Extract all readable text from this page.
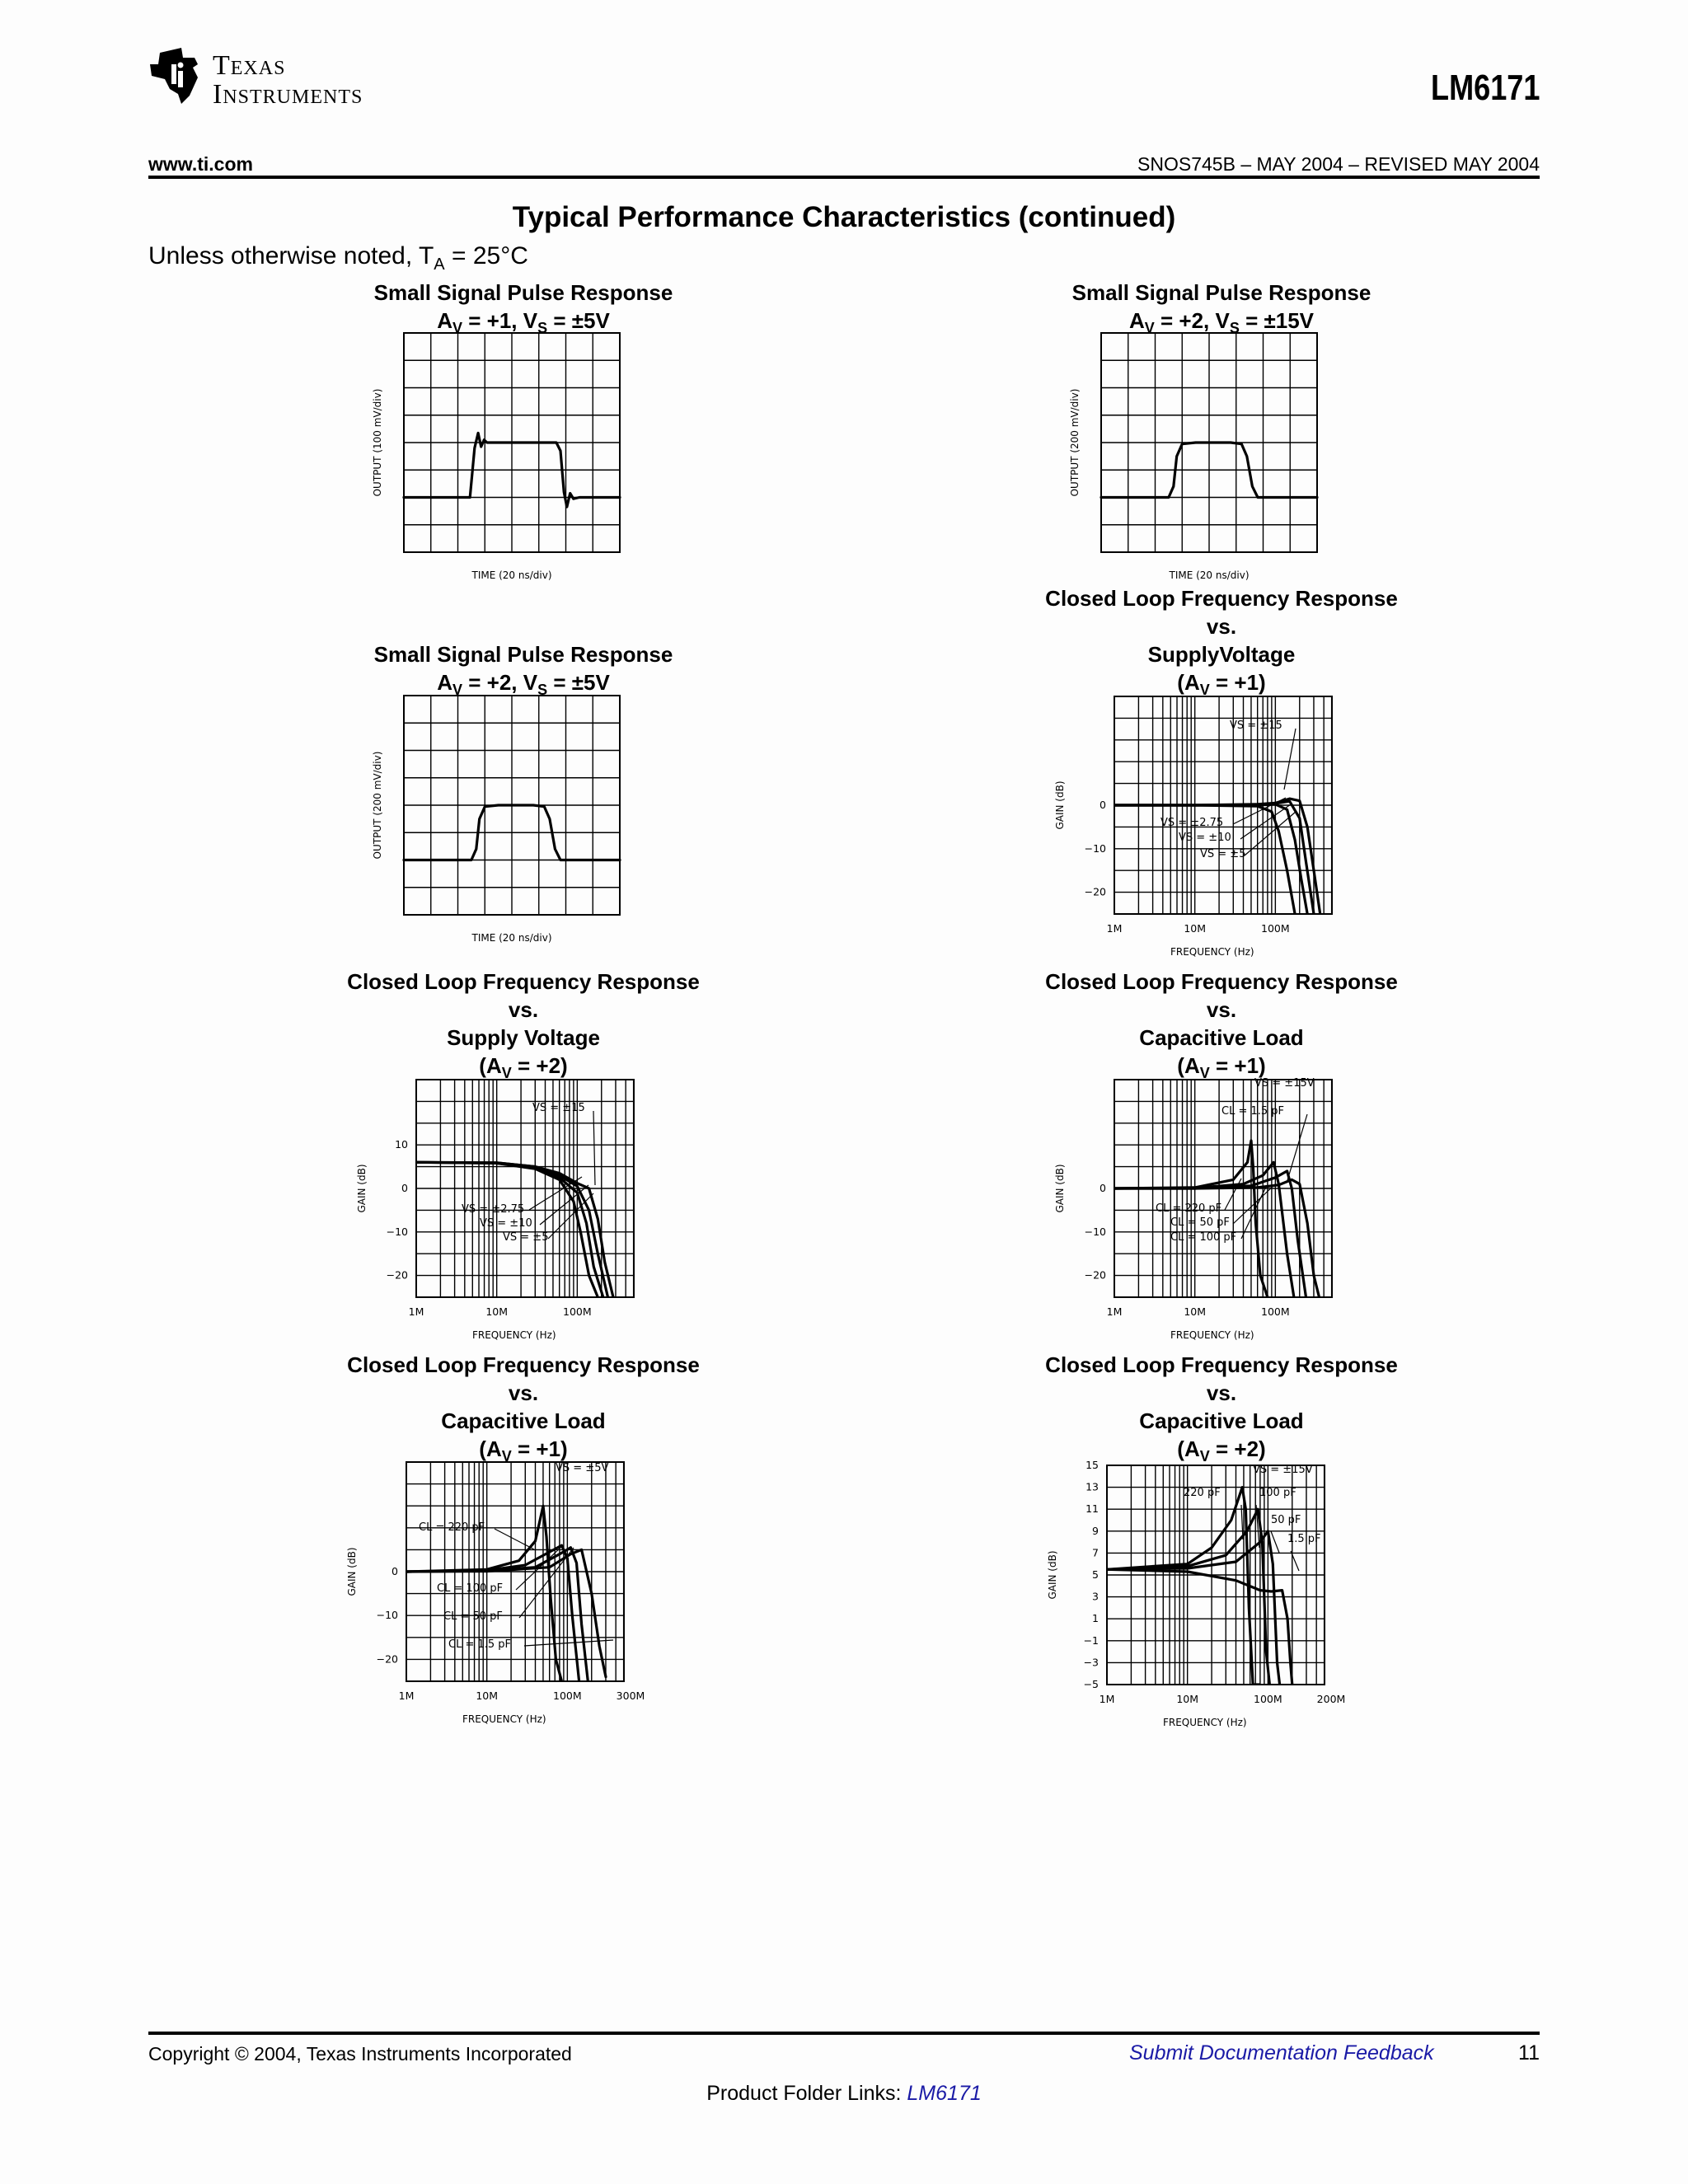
Texas
Instruments	LM6171
www.ti.com	SNOS745B – MAY 2004 – REVISED MAY 2004
Typical Performance Characteristics (continued)
Unless otherwise noted, $T_A = 25^\circ C$
Small Signal Pulse Response
$A_V = +1$, $V_S = \pm 5V$
TIME (20 ns/div)
OUTPUT (100 mV/div)
Small Signal Pulse Response
$A_V = +2$, $V_S = \pm 15V$
TIME (20 ns/div)
OUTPUT (200 mV/div)
Small Signal Pulse Response
$A_V = +2$, $V_S = \pm 5V$
TIME (20 ns/div)
OUTPUT (200 mV/div)
Closed Loop Frequency Response
vs.
SupplyVoltage
$(A_V = +1)$
0
−10
−20
1M	10M	100M
FREQUENCY (Hz)
GAIN (dB)
VS = ±15
VS = ±2.75
VS = ±10
VS = ±5
Closed Loop Frequency Response
vs.
Supply Voltage
$(A_V = +2)$
10
0
−10
−20
1M	10M	100M
FREQUENCY (Hz)
GAIN (dB)
VS = ±15
VS = ±2.75
VS = ±10
VS = ±5
Closed Loop Frequency Response
vs.
Capacitive Load
$(A_V = +1)$
0
−10
−20
1M	10M	100M
FREQUENCY (Hz)
GAIN (dB)
VS = ±15V
CL = 1.5 pF
CL = 220 pF
CL = 50 pF
CL = 100 pF
Closed Loop Frequency Response
vs.
Capacitive Load
$(A_V = +1)$
0
−10
−20
1M	10M	100M	300M
FREQUENCY (Hz)
GAIN (dB)
VS = ±5V
CL = 220 pF
CL = 100 pF
CL = 50 pF
CL = 1.5 pF
Closed Loop Frequency Response
vs.
Capacitive Load
$(A_V = +2)$
15
13
11
9
7
5
3
1
−1
−3
−5
1M	10M	100M	200M
FREQUENCY (Hz)
GAIN (dB)
VS = ±15V
220 pF	100 pF
50 pF
1.5 pF
Copyright © 2004, Texas Instruments Incorporated	Submit Documentation Feedback	11
Product Folder Links: LM6171
